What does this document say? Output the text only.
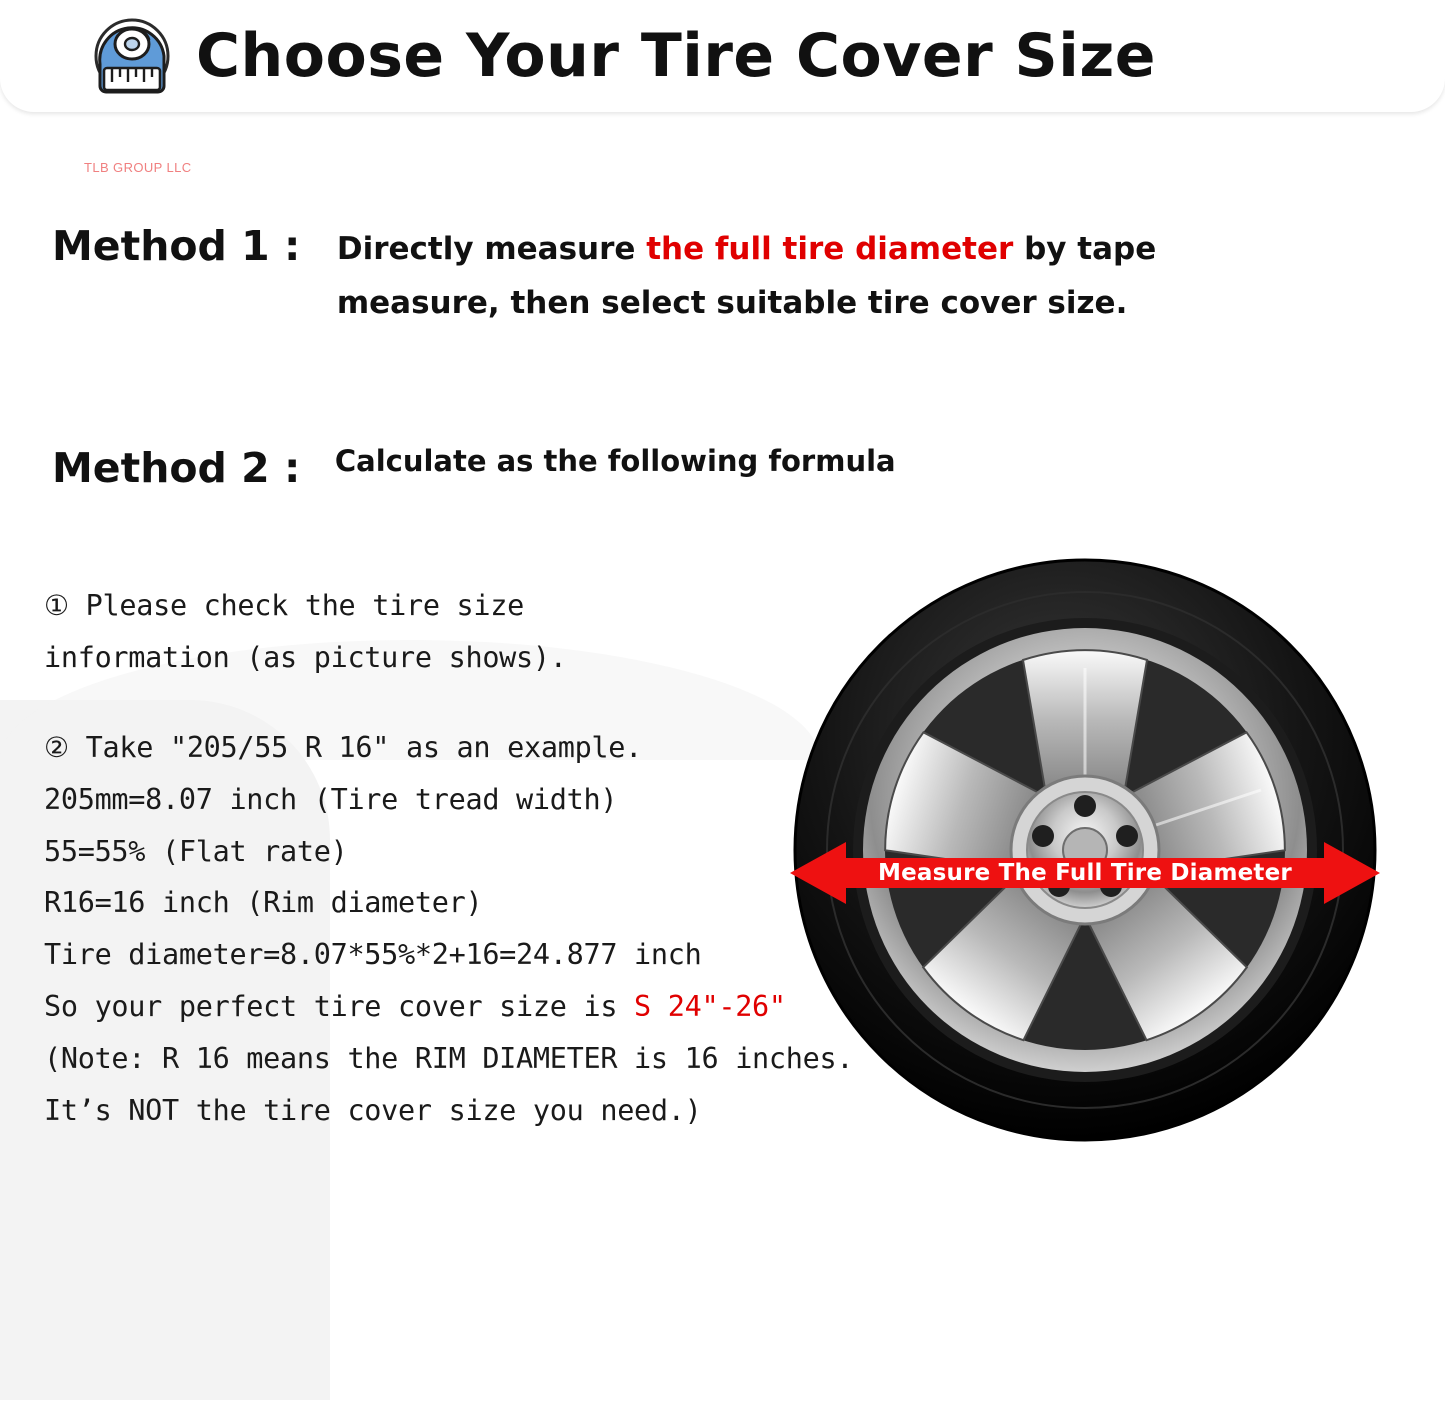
Choose Your Tire Cover Size
TLB GROUP LLC
Method 1 : Directly measure the full tire diameter by tape measure, then select suitable tire cover size.
Method 2 : Calculate as the following formula
① Please check the tire size
information (as picture shows).
② Take "205/55 R 16" as an example.
205mm=8.07 inch (Tire tread width)
55=55% (Flat rate)
R16=16 inch (Rim diameter)
Tire diameter=8.07*55%*2+16=24.877 inch
So your perfect tire cover size is S 24"-26"
(Note: R 16 means the RIM DIAMETER is 16 inches.
It’s NOT the tire cover size you need.)
Measure The Full Tire Diameter
